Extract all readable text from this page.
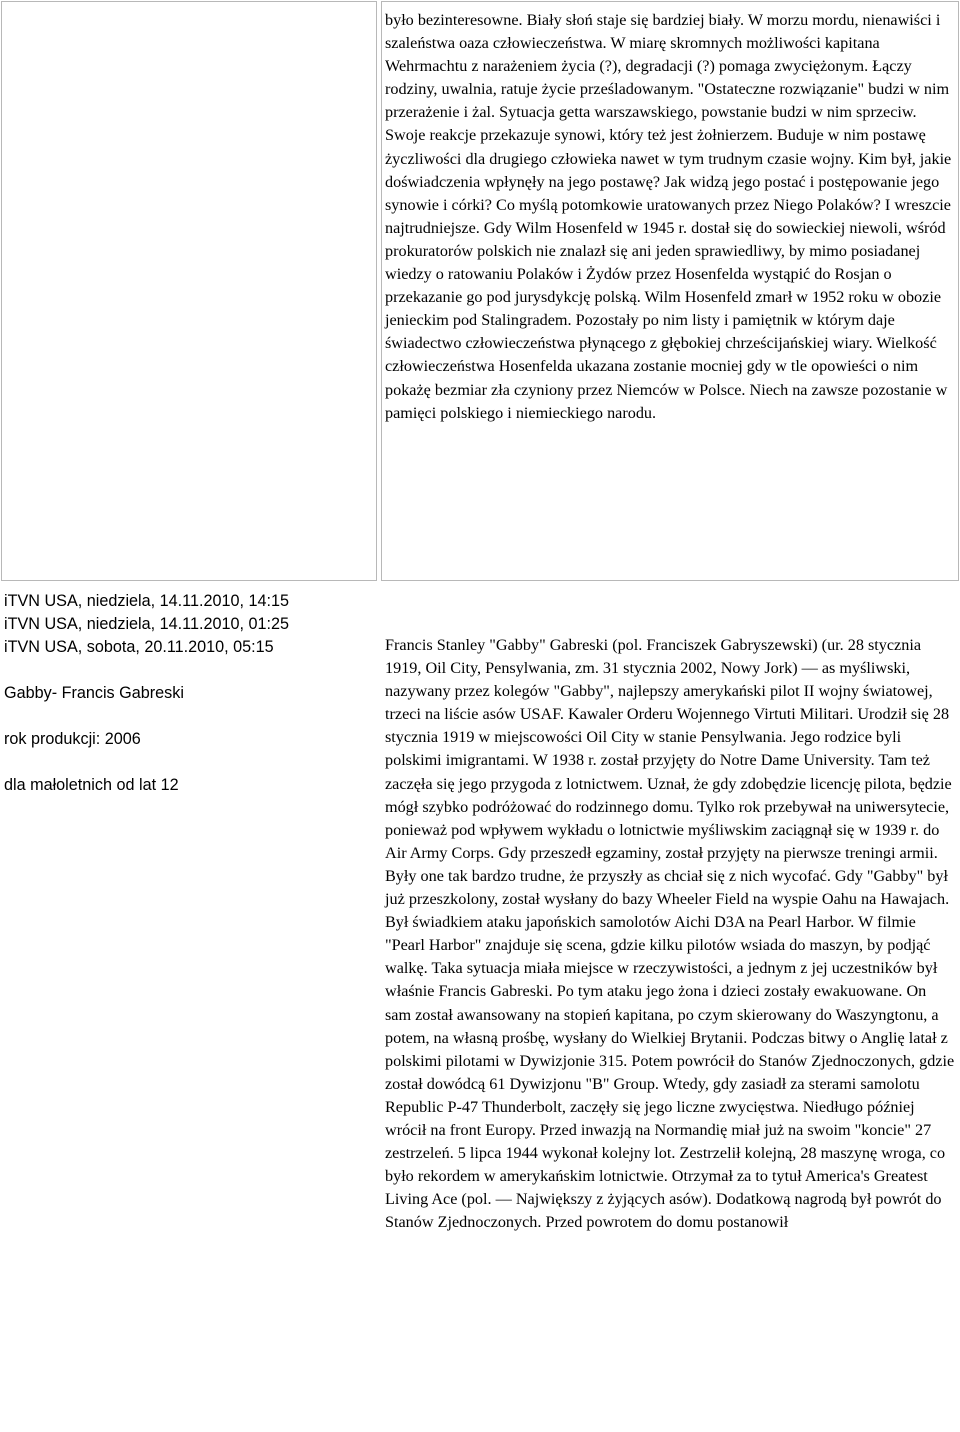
było bezinteresowne. Biały słoń staje się bardziej biały. W morzu mordu, nienawiści i szaleństwa oaza człowieczeństwa. W miarę skromnych możliwości kapitana Wehrmachtu z narażeniem życia (?), degradacji (?) pomaga zwyciężonym. Łączy rodziny, uwalnia, ratuje życie prześladowanym. "Ostateczne rozwiązanie" budzi w nim przerażenie i żal. Sytuacja getta warszawskiego, powstanie budzi w nim sprzeciw. Swoje reakcje przekazuje synowi, który też jest żołnierzem. Buduje w nim postawę życzliwości dla drugiego człowieka nawet w tym trudnym czasie wojny. Kim był, jakie doświadczenia wpłynęły na jego postawę? Jak widzą jego postać i postępowanie jego synowie i córki? Co myślą potomkowie uratowanych przez Niego Polaków? I wreszcie najtrudniejsze. Gdy Wilm Hosenfeld w 1945 r. dostał się do sowieckiej niewoli, wśród prokuratorów polskich nie znalazł się ani jeden sprawiedliwy, by mimo posiadanej wiedzy o ratowaniu Polaków i Żydów przez Hosenfelda wystąpić do Rosjan o przekazanie go pod jurysdykcję polską. Wilm Hosenfeld zmarł w 1952 roku w obozie jenieckim pod Stalingradem. Pozostały po nim listy i pamiętnik w którym daje świadectwo człowieczeństwa płynącego z głębokiej chrześcijańskiej wiary. Wielkość człowieczeństwa Hosenfelda ukazana zostanie mocniej gdy w tle opowieści o nim pokażę bezmiar zła czyniony przez Niemców w Polsce. Niech na zawsze pozostanie w pamięci polskiego i niemieckiego narodu.

iTVN USA, niedziela, 14.11.2010, 14:15
iTVN USA, niedziela, 14.11.2010, 01:25
iTVN USA, sobota, 20.11.2010, 05:15
Gabby- Francis Gabreski
rok produkcji: 2006
dla małoletnich od lat 12

Francis Stanley "Gabby" Gabreski (pol. Franciszek Gabryszewski) (ur. 28 stycznia 1919, Oil City, Pensylwania, zm. 31 stycznia 2002, Nowy Jork) — as myśliwski, nazywany przez kolegów "Gabby", najlepszy amerykański pilot II wojny światowej, trzeci na liście asów USAF. Kawaler Orderu Wojennego Virtuti Militari. Urodził się 28 stycznia 1919 w miejscowości Oil City w stanie Pensylwania. Jego rodzice byli polskimi imigrantami. W 1938 r. został przyjęty do Notre Dame University. Tam też zaczęła się jego przygoda z lotnictwem. Uznał, że gdy zdobędzie licencję pilota, będzie mógł szybko podróżować do rodzinnego domu. Tylko rok przebywał na uniwersytecie, ponieważ pod wpływem wykładu o lotnictwie myśliwskim zaciągnął się w 1939 r. do Air Army Corps. Gdy przeszedł egzaminy, został przyjęty na pierwsze treningi armii. Były one tak bardzo trudne, że przyszły as chciał się z nich wycofać. Gdy "Gabby" był już przeszkolony, został wysłany do bazy Wheeler Field na wyspie Oahu na Hawajach. Był świadkiem ataku japońskich samolotów Aichi D3A na Pearl Harbor. W filmie "Pearl Harbor" znajduje się scena, gdzie kilku pilotów wsiada do maszyn, by podjąć walkę. Taka sytuacja miała miejsce w rzeczywistości, a jednym z jej uczestników był właśnie Francis Gabreski. Po tym ataku jego żona i dzieci zostały ewakuowane. On sam został awansowany na stopień kapitana, po czym skierowany do Waszyngtonu, a potem, na własną prośbę, wysłany do Wielkiej Brytanii. Podczas bitwy o Anglię latał z polskimi pilotami w Dywizjonie 315. Potem powrócił do Stanów Zjednoczonych, gdzie został dowódcą 61 Dywizjonu "B" Group. Wtedy, gdy zasiadł za sterami samolotu Republic P-47 Thunderbolt, zaczęły się jego liczne zwycięstwa. Niedługo później wrócił na front Europy. Przed inwazją na Normandię miał już na swoim "koncie" 27 zestrzeleń. 5 lipca 1944 wykonał kolejny lot. Zestrzelił kolejną, 28 maszynę wroga, co było rekordem w amerykańskim lotnictwie. Otrzymał za to tytuł America's Greatest Living Ace (pol. — Największy z żyjących asów). Dodatkową nagrodą był powrót do Stanów Zjednoczonych. Przed powrotem do domu postanowił
